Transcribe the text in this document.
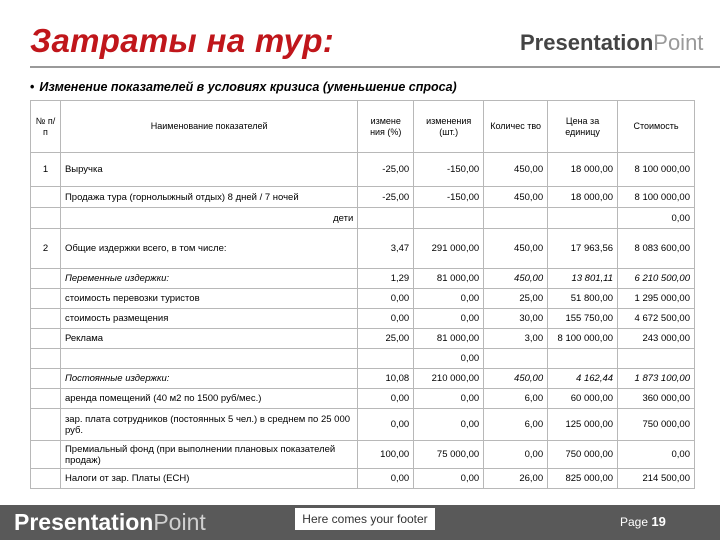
Затраты на тур:	PresentationPoint
• Изменение показателей в условиях кризиса (уменьшение спроса)
№ п/п	Наименование показателей	измене ния (%)	изменения (шт.)	Количес тво	Цена за единицу	Стоимость
1	Выручка	-25,00	-150,00	450,00	18 000,00	8 100 000,00
	Продажа тура (горнолыжный отдых) 8 дней / 7 ночей	-25,00	-150,00	450,00	18 000,00	8 100 000,00
	дети					0,00
2	Общие издержки всего, в том числе:	3,47	291 000,00	450,00	17 963,56	8 083 600,00
	Переменные издержки:	1,29	81 000,00	450,00	13 801,11	6 210 500,00
	стоимость перевозки туристов	0,00	0,00	25,00	51 800,00	1 295 000,00
	стоимость размещения	0,00	0,00	30,00	155 750,00	4 672 500,00
	Реклама	25,00	81 000,00	3,00	8 100 000,00	243 000,00
			0,00			
	Постоянные издержки:	10,08	210 000,00	450,00	4 162,44	1 873 100,00
	аренда помещений (40 м2 по 1500 руб/мес.)	0,00	0,00	6,00	60 000,00	360 000,00
	зар. плата сотрудников (постоянных 5 чел.) в среднем по 25 000 руб.	0,00	0,00	6,00	125 000,00	750 000,00
	Премиальный фонд (при выполнении плановых показателей продаж)	100,00	75 000,00	0,00	750 000,00	0,00
	Налоги от зар. Платы (ЕСН)	0,00	0,00	26,00	825 000,00	214 500,00
PresentationPoint	Here comes your footer	Page 19
